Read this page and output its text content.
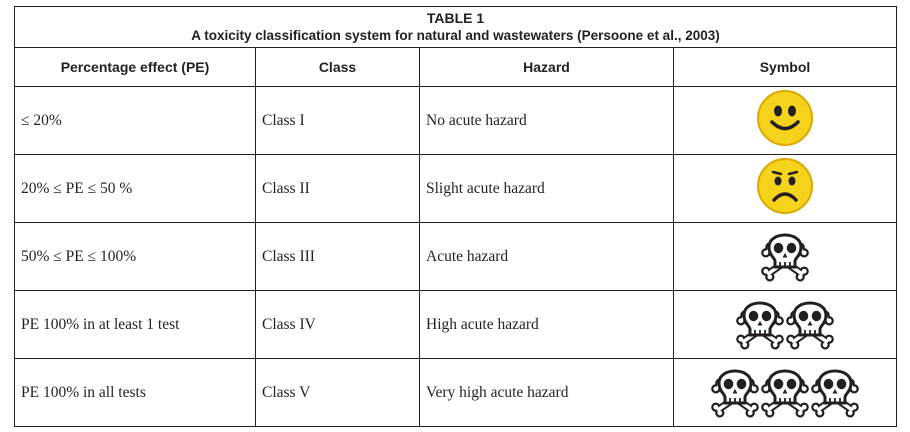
TABLE 1
A toxicity classification system for natural and wastewaters (Persoone et al., 2003)			

Percentage effect (PE)	Class	Hazard	Symbol
≤ 20%	Class I	No acute hazard	

20% ≤ PE ≤ 50 %	Class II	Slight acute hazard	

50% ≤ PE ≤ 100%	Class III	Acute hazard	

PE 100% in at least 1 test	Class IV	High acute hazard	

PE 100% in all tests	Class V	Very high acute hazard	
